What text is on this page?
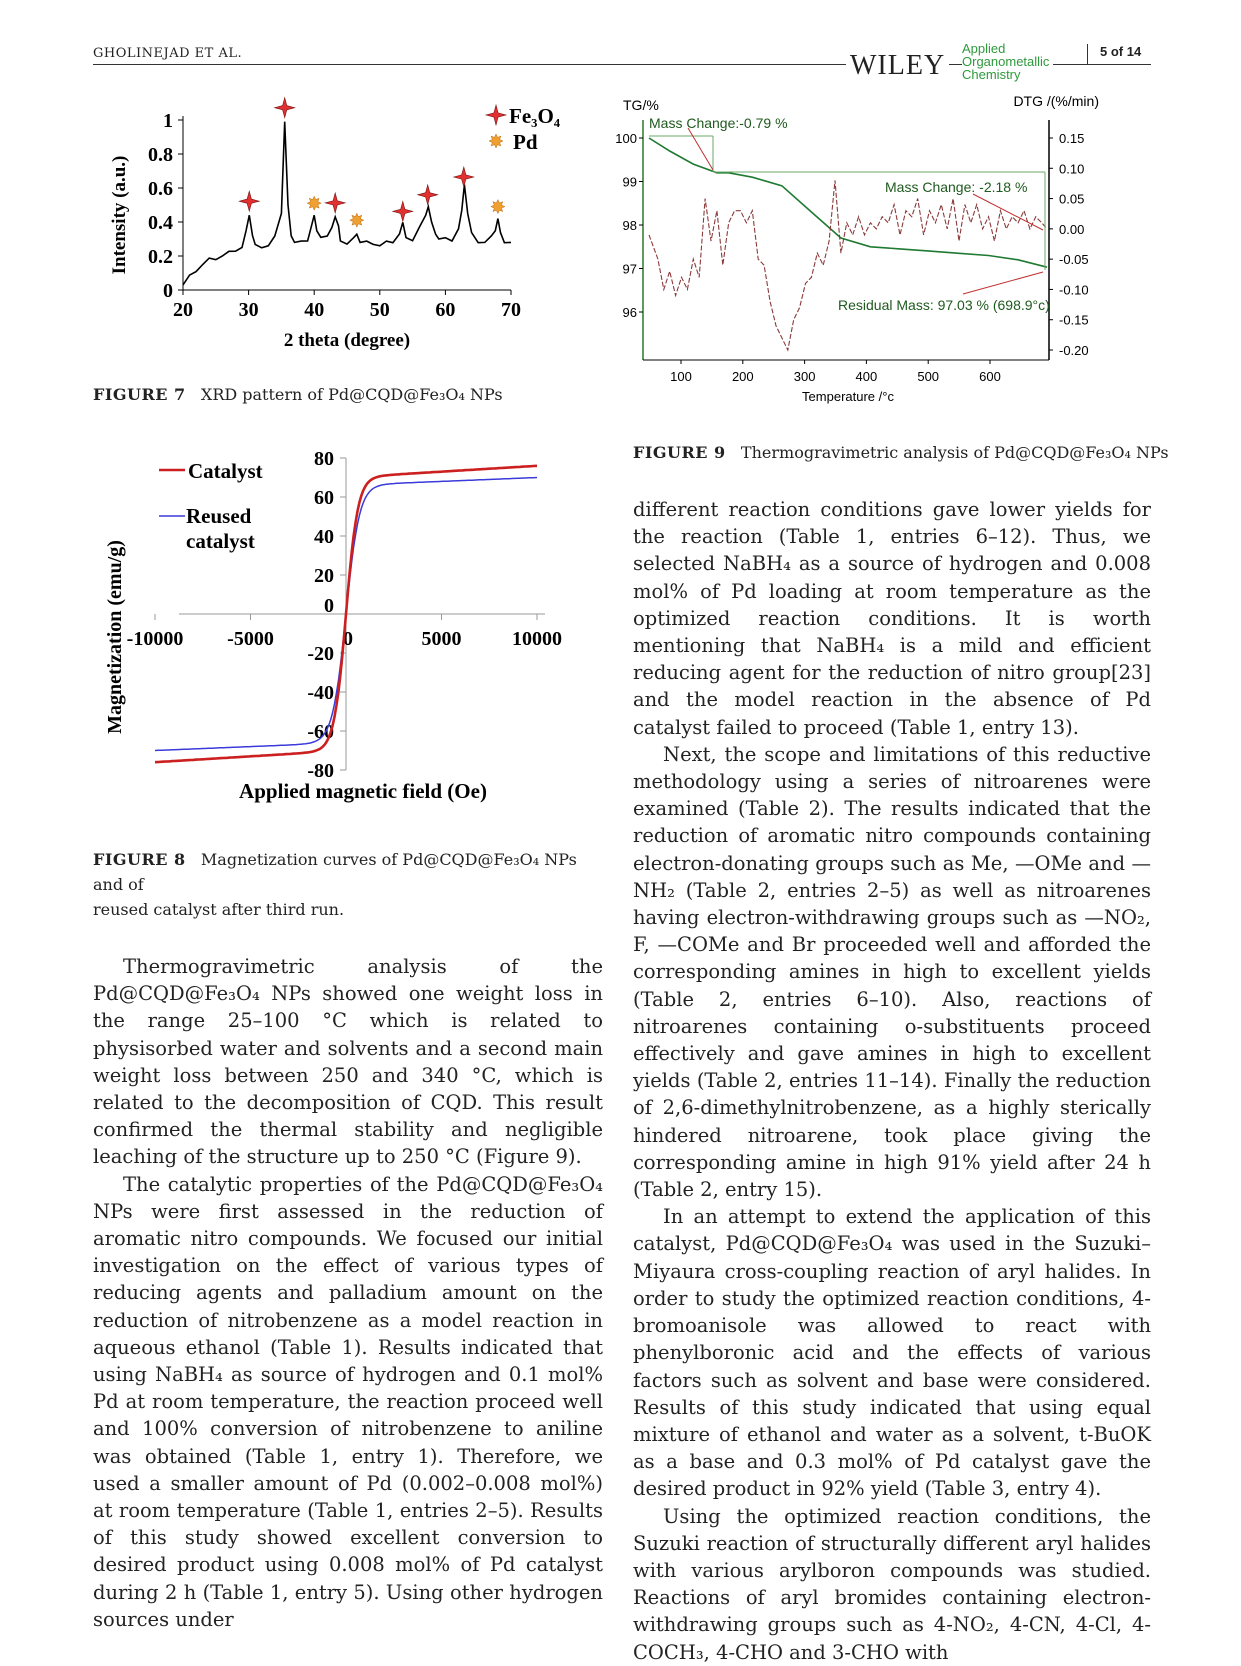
GHOLINEJAD ET AL.	WILEY
Applied
Organometallic
Chemistry
5 of 14
20 30 40 50 60 70
0
0.2
0.4
0.6
0.8
1
2 theta (degree)
Intensity (a.u.)
Fe₃O₄
Pd
FIGURE 7 XRD pattern of Pd@CQD@Fe₃O₄ NPs
-10000 -5000	0	5000	10000
80
60
40
20
0
-20
-40
-60
-80
Applied magnetic field (Oe)
Magnetization (emu/g)
Catalyst
Reused
catalyst
FIGURE 8 Magnetization curves of Pd@CQD@Fe₃O₄ NPs and of
reused catalyst after third run.
TG/%	DTG /(%/min)
100
99
98
97
96
0.15
0.10
0.05
0.00
-0.05
-0.10
-0.15
-0.20
100	200	300	400	500	600
Temperature /°c
Mass Change:-0.79 %
Mass Change: -2.18 %
Residual Mass: 97.03 % (698.9°c)
FIGURE 9 Thermogravimetric analysis of Pd@CQD@Fe₃O₄ NPs

Thermogravimetric analysis of the Pd@CQD@Fe₃O₄ NPs showed one weight loss in the range 25–100 °C which is related to physisorbed water and solvents and a second main weight loss between 250 and 340 °C, which is related to the decomposition of CQD. This result confirmed the thermal stability and negligible leaching of the structure up to 250 °C (Figure 9).

The catalytic properties of the Pd@CQD@Fe₃O₄ NPs were first assessed in the reduction of aromatic nitro compounds. We focused our initial investigation on the effect of various types of reducing agents and palladium amount on the reduction of nitrobenzene as a model reaction in aqueous ethanol (Table 1). Results indicated that using NaBH₄ as source of hydrogen and 0.1 mol% Pd at room temperature, the reaction proceed well and 100% conversion of nitrobenzene to aniline was obtained (Table 1, entry 1). Therefore, we used a smaller amount of Pd (0.002–0.008 mol%) at room temperature (Table 1, entries 2–5). Results of this study showed excellent conversion to desired product using 0.008 mol% of Pd catalyst during 2 h (Table 1, entry 5). Using other hydrogen sources under

different reaction conditions gave lower yields for the reaction (Table 1, entries 6–12). Thus, we selected NaBH₄ as a source of hydrogen and 0.008 mol% of Pd loading at room temperature as the optimized reaction conditions. It is worth mentioning that NaBH₄ is a mild and efficient reducing agent for the reduction of nitro group[23] and the model reaction in the absence of Pd catalyst failed to proceed (Table 1, entry 13).

Next, the scope and limitations of this reductive methodology using a series of nitroarenes were examined (Table 2). The results indicated that the reduction of aromatic nitro compounds containing electron-donating groups such as Me, —OMe and —NH₂ (Table 2, entries 2–5) as well as nitroarenes having electron-withdrawing groups such as —NO₂, F, —COMe and Br proceeded well and afforded the corresponding amines in high to excellent yields (Table 2, entries 6–10). Also, reactions of nitroarenes containing o-substituents proceed effectively and gave amines in high to excellent yields (Table 2, entries 11–14). Finally the reduction of 2,6-dimethylnitrobenzene, as a highly sterically hindered nitroarene, took place giving the corresponding amine in high 91% yield after 24 h (Table 2, entry 15).

In an attempt to extend the application of this catalyst, Pd@CQD@Fe₃O₄ was used in the Suzuki–Miyaura cross-coupling reaction of aryl halides. In order to study the optimized reaction conditions, 4-bromoanisole was allowed to react with phenylboronic acid and the effects of various factors such as solvent and base were considered. Results of this study indicated that using equal mixture of ethanol and water as a solvent, t-BuOK as a base and 0.3 mol% of Pd catalyst gave the desired product in 92% yield (Table 3, entry 4).

Using the optimized reaction conditions, the Suzuki reaction of structurally different aryl halides with various arylboron compounds was studied. Reactions of aryl bromides containing electron-withdrawing groups such as 4-NO₂, 4-CN, 4-Cl, 4-COCH₃, 4-CHO and 3-CHO with
